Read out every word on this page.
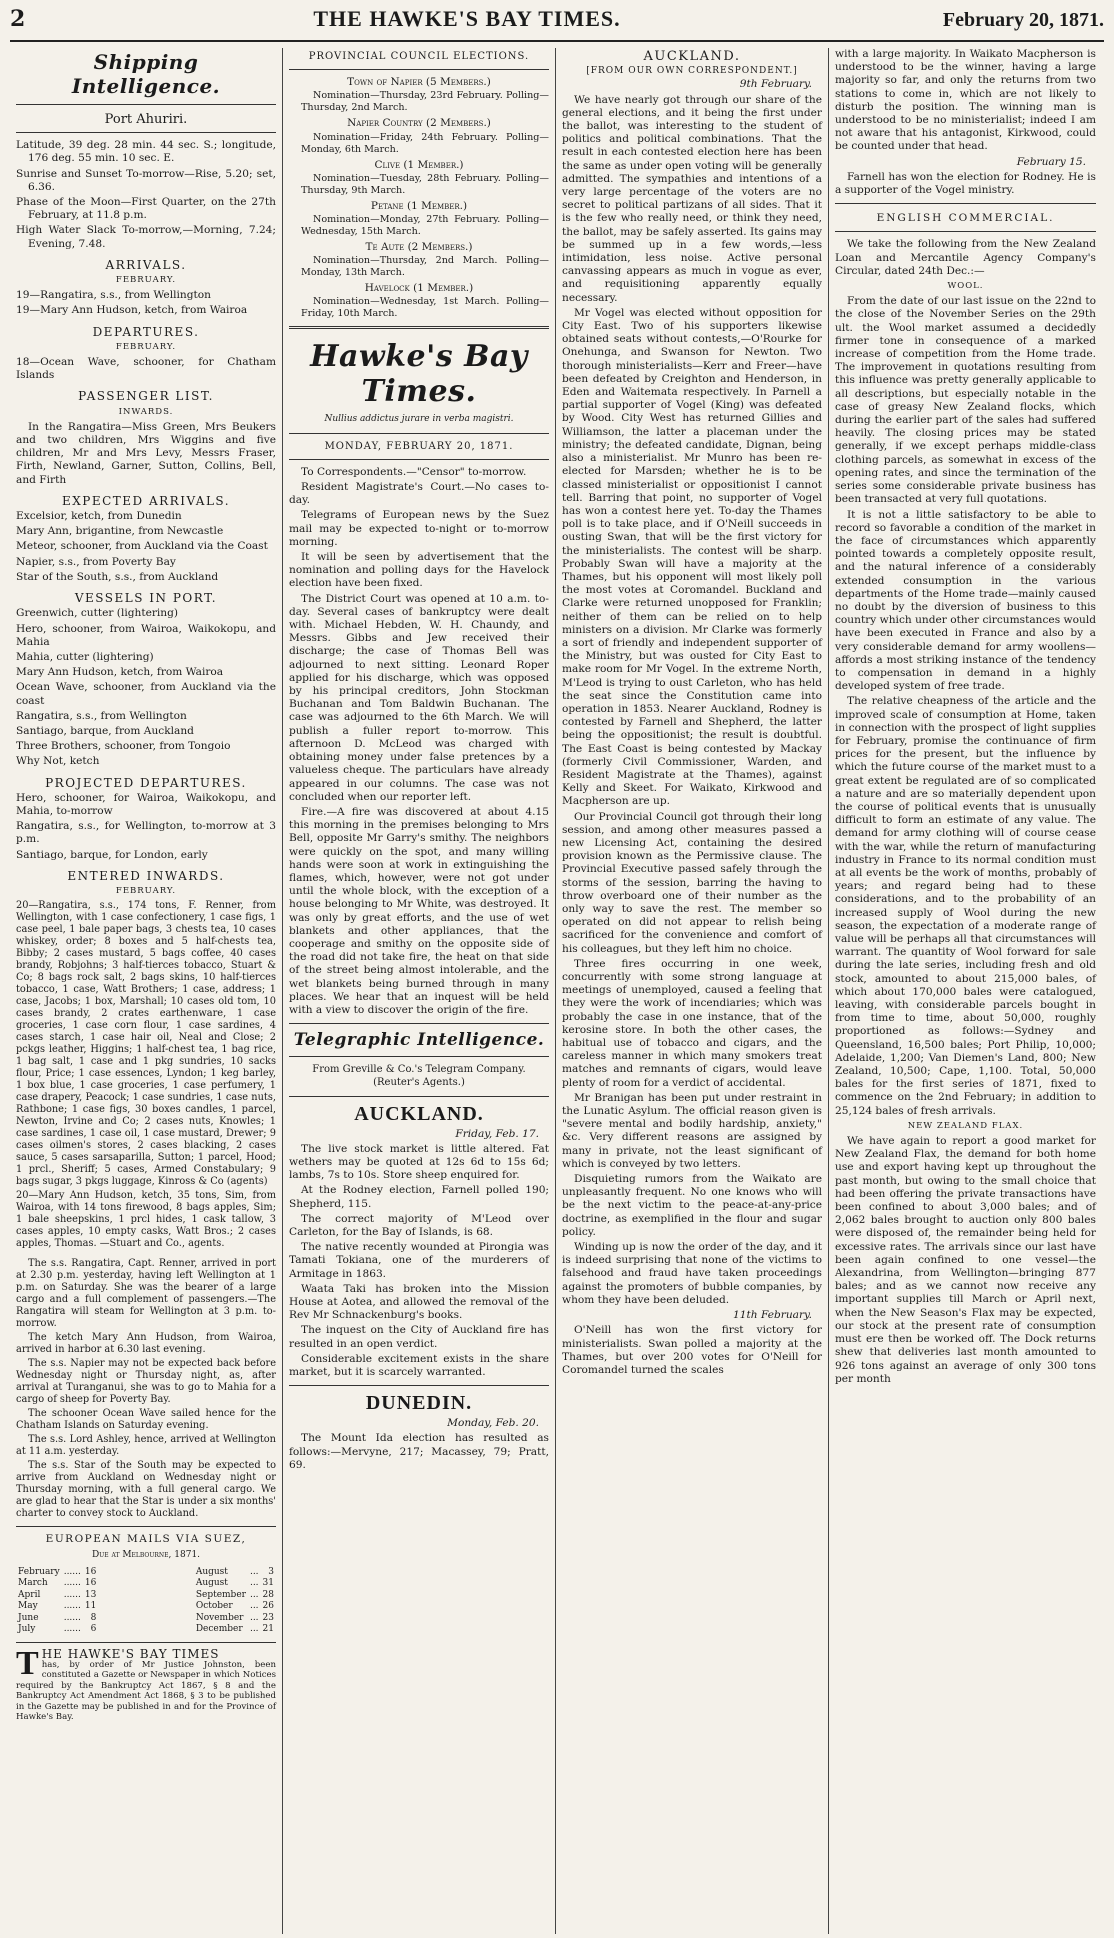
2	THE HAWKE'S BAY TIMES.	February 20, 1871.
Shipping Intelligence.
Port Ahuriri.

Latitude, 39 deg. 28 min. 44 sec. S.; longitude, 176 deg. 55 min. 10 sec. E.

Sunrise and Sunset To-morrow—Rise, 5.20; set, 6.36.

Phase of the Moon—First Quarter, on the 27th February, at 11.8 p.m.

High Water Slack To-morrow,—Morning, 7.24; Evening, 7.48.

ARRIVALS.
FEBRUARY.

19—Rangatira, s.s., from Wellington

19—Mary Ann Hudson, ketch, from Wairoa

DEPARTURES.
FEBRUARY.

18—Ocean Wave, schooner, for Chatham Islands

PASSENGER LIST.
INWARDS.

In the Rangatira—Miss Green, Mrs Beukers and two children, Mrs Wiggins and five children, Mr and Mrs Levy, Messrs Fraser, Firth, Newland, Garner, Sutton, Collins, Bell, and Firth

EXPECTED ARRIVALS.

Excelsior, ketch, from Dunedin

Mary Ann, brigantine, from Newcastle

Meteor, schooner, from Auckland via the Coast

Napier, s.s., from Poverty Bay

Star of the South, s.s., from Auckland

VESSELS IN PORT.

Greenwich, cutter (lightering)

Hero, schooner, from Wairoa, Waikokopu, and Mahia

Mahia, cutter (lightering)

Mary Ann Hudson, ketch, from Wairoa

Ocean Wave, schooner, from Auckland via the coast

Rangatira, s.s., from Wellington

Santiago, barque, from Auckland

Three Brothers, schooner, from Tongoio

Why Not, ketch

PROJECTED DEPARTURES.

Hero, schooner, for Wairoa, Waikokopu, and Mahia, to-morrow

Rangatira, s.s., for Wellington, to-morrow at 3 p.m.

Santiago, barque, for London, early

ENTERED INWARDS.
FEBRUARY.

20—Rangatira, s.s., 174 tons, F. Renner, from Wellington, with 1 case confectionery, 1 case figs, 1 case peel, 1 bale paper bags, 3 chests tea, 10 cases whiskey, order; 8 boxes and 5 half-chests tea, Bibby; 2 cases mustard, 5 bags coffee, 40 cases brandy, Robjohns; 3 half-tierces tobacco, Stuart & Co; 8 bags rock salt, 2 bags skins, 10 half-tierces tobacco, 1 case, Watt Brothers; 1 case, address; 1 case, Jacobs; 1 box, Marshall; 10 cases old tom, 10 cases brandy, 2 crates earthenware, 1 case groceries, 1 case corn flour, 1 case sardines, 4 cases starch, 1 case hair oil, Neal and Close; 2 pckgs leather, Higgins; 1 half-chest tea, 1 bag rice, 1 bag salt, 1 case and 1 pkg sundries, 10 sacks flour, Price; 1 case essences, Lyndon; 1 keg barley, 1 box blue, 1 case groceries, 1 case perfumery, 1 case drapery, Peacock; 1 case sundries, 1 case nuts, Rathbone; 1 case figs, 30 boxes candles, 1 parcel, Newton, Irvine and Co; 2 cases nuts, Knowles; 1 case sardines, 1 case oil, 1 case mustard, Drewer; 9 cases oilmen's stores, 2 cases blacking, 2 cases sauce, 5 cases sarsaparilla, Sutton; 1 parcel, Hood; 1 prcl., Sheriff; 5 cases, Armed Constabulary; 9 bags sugar, 3 pkgs luggage, Kinross & Co (agents)

20—Mary Ann Hudson, ketch, 35 tons, Sim, from Wairoa, with 14 tons firewood, 8 bags apples, Sim; 1 bale sheepskins, 1 prcl hides, 1 cask tallow, 3 cases apples, 10 empty casks, Watt Bros.; 2 cases apples, Thomas. —Stuart and Co., agents.

The s.s. Rangatira, Capt. Renner, arrived in port at 2.30 p.m. yesterday, having left Wellington at 1 p.m. on Saturday. She was the bearer of a large cargo and a full complement of passengers.—The Rangatira will steam for Wellington at 3 p.m. to-morrow.

The ketch Mary Ann Hudson, from Wairoa, arrived in harbor at 6.30 last evening.

The s.s. Napier may not be expected back before Wednesday night or Thursday night, as, after arrival at Turanganui, she was to go to Mahia for a cargo of sheep for Poverty Bay.

The schooner Ocean Wave sailed hence for the Chatham Islands on Saturday evening.

The s.s. Lord Ashley, hence, arrived at Wellington at 11 a.m. yesterday.

The s.s. Star of the South may be expected to arrive from Auckland on Wednesday night or Thursday morning, with a full general cargo. We are glad to hear that the Star is under a six months' charter to convey stock to Auckland.

EUROPEAN MAILS VIA SUEZ,
Due at Melbourne, 1871.
February	......	16
March	......	16
April	......	13
May	......	11
June	......	8
July	......	6
August	...	3
August	...	31
September	...	28
October	...	26
November	...	23
December	...	21
T HE HAWKE'S BAY TIMES
has, by order of Mr Justice Johnston, been constituted a Gazette or Newspaper in which Notices required by the Bankruptcy Act 1867, § 8 and the Bankruptcy Act Amendment Act 1868, § 3 to be published in the Gazette may be published in and for the Province of Hawke's Bay.
PROVINCIAL COUNCIL ELECTIONS.
Town of Napier (5 Members.)

Nomination—Thursday, 23rd February. Polling—Thursday, 2nd March.

Napier Country (2 Members.)

Nomination—Friday, 24th February. Polling—Monday, 6th March.

Clive (1 Member.)

Nomination—Tuesday, 28th February. Polling—Thursday, 9th March.

Petane (1 Member.)

Nomination—Monday, 27th February. Polling—Wednesday, 15th March.

Te Aute (2 Members.)

Nomination—Thursday, 2nd March. Polling—Monday, 13th March.

Havelock (1 Member.)

Nomination—Wednesday, 1st March. Polling—Friday, 10th March.

Hawke's Bay Times.
Nullius addictus jurare in verba magistri.
MONDAY, FEBRUARY 20, 1871.

To Correspondents.—"Censor" to-morrow.

Resident Magistrate's Court.—No cases to-day.

Telegrams of European news by the Suez mail may be expected to-night or to-morrow morning.

It will be seen by advertisement that the nomination and polling days for the Havelock election have been fixed.

The District Court was opened at 10 a.m. to-day. Several cases of bankruptcy were dealt with. Michael Hebden, W. H. Chaundy, and Messrs. Gibbs and Jew received their discharge; the case of Thomas Bell was adjourned to next sitting. Leonard Roper applied for his discharge, which was opposed by his principal creditors, John Stockman Buchanan and Tom Baldwin Buchanan. The case was adjourned to the 6th March. We will publish a fuller report to-morrow. This afternoon D. McLeod was charged with obtaining money under false pretences by a valueless cheque. The particulars have already appeared in our columns. The case was not concluded when our reporter left.

Fire.—A fire was discovered at about 4.15 this morning in the premises belonging to Mrs Bell, opposite Mr Garry's smithy. The neighbors were quickly on the spot, and many willing hands were soon at work in extinguishing the flames, which, however, were not got under until the whole block, with the exception of a house belonging to Mr White, was destroyed. It was only by great efforts, and the use of wet blankets and other appliances, that the cooperage and smithy on the opposite side of the road did not take fire, the heat on that side of the street being almost intolerable, and the wet blankets being burned through in many places. We hear that an inquest will be held with a view to discover the origin of the fire.

Telegraphic Intelligence.
From Greville & Co.'s Telegram Company. (Reuter's Agents.)
AUCKLAND.
Friday, Feb. 17.

The live stock market is little altered. Fat wethers may be quoted at 12s 6d to 15s 6d; lambs, 7s to 10s. Store sheep enquired for.

At the Rodney election, Farnell polled 190; Shepherd, 115.

The correct majority of M'Leod over Carleton, for the Bay of Islands, is 68.

The native recently wounded at Pirongia was Tamati Tokiana, one of the murderers of Armitage in 1863.

Waata Taki has broken into the Mission House at Aotea, and allowed the removal of the Rev Mr Schnackenburg's books.

The inquest on the City of Auckland fire has resulted in an open verdict.

Considerable excitement exists in the share market, but it is scarcely warranted.

DUNEDIN.
Monday, Feb. 20.

The Mount Ida election has resulted as follows:—Mervyne, 217; Macassey, 79; Pratt, 69.

AUCKLAND.
[FROM OUR OWN CORRESPONDENT.]
9th February.

We have nearly got through our share of the general elections, and it being the first under the ballot, was interesting to the student of politics and political combinations. That the result in each contested election here has been the same as under open voting will be generally admitted. The sympathies and intentions of a very large percentage of the voters are no secret to political partizans of all sides. That it is the few who really need, or think they need, the ballot, may be safely asserted. Its gains may be summed up in a few words,—less intimidation, less noise. Active personal canvassing appears as much in vogue as ever, and requisitioning apparently equally necessary.

Mr Vogel was elected without opposition for City East. Two of his supporters likewise obtained seats without contests,—O'Rourke for Onehunga, and Swanson for Newton. Two thorough ministerialists—Kerr and Freer—have been defeated by Creighton and Henderson, in Eden and Waitemata respectively. In Parnell a partial supporter of Vogel (King) was defeated by Wood. City West has returned Gillies and Williamson, the latter a placeman under the ministry; the defeated candidate, Dignan, being also a ministerialist. Mr Munro has been re-elected for Marsden; whether he is to be classed ministerialist or oppositionist I cannot tell. Barring that point, no supporter of Vogel has won a contest here yet. To-day the Thames poll is to take place, and if O'Neill succeeds in ousting Swan, that will be the first victory for the ministerialists. The contest will be sharp. Probably Swan will have a majority at the Thames, but his opponent will most likely poll the most votes at Coromandel. Buckland and Clarke were returned unopposed for Franklin; neither of them can be relied on to help ministers on a division. Mr Clarke was formerly a sort of friendly and independent supporter of the Ministry, but was ousted for City East to make room for Mr Vogel. In the extreme North, M'Leod is trying to oust Carleton, who has held the seat since the Constitution came into operation in 1853. Nearer Auckland, Rodney is contested by Farnell and Shepherd, the latter being the oppositionist; the result is doubtful. The East Coast is being contested by Mackay (formerly Civil Commissioner, Warden, and Resident Magistrate at the Thames), against Kelly and Skeet. For Waikato, Kirkwood and Macpherson are up.

Our Provincial Council got through their long session, and among other measures passed a new Licensing Act, containing the desired provision known as the Permissive clause. The Provincial Executive passed safely through the storms of the session, barring the having to throw overboard one of their number as the only way to save the rest. The member so operated on did not appear to relish being sacrificed for the convenience and comfort of his colleagues, but they left him no choice.

Three fires occurring in one week, concurrently with some strong language at meetings of unemployed, caused a feeling that they were the work of incendiaries; which was probably the case in one instance, that of the kerosine store. In both the other cases, the habitual use of tobacco and cigars, and the careless manner in which many smokers treat matches and remnants of cigars, would leave plenty of room for a verdict of accidental.

Mr Branigan has been put under restraint in the Lunatic Asylum. The official reason given is "severe mental and bodily hardship, anxiety," &c. Very different reasons are assigned by many in private, not the least significant of which is conveyed by two letters.

Disquieting rumors from the Waikato are unpleasantly frequent. No one knows who will be the next victim to the peace-at-any-price doctrine, as exemplified in the flour and sugar policy.

Winding up is now the order of the day, and it is indeed surprising that none of the victims to falsehood and fraud have taken proceedings against the promoters of bubble companies, by whom they have been deluded.

11th February.

O'Neill has won the first victory for ministerialists. Swan polled a majority at the Thames, but over 200 votes for O'Neill for Coromandel turned the scales

with a large majority. In Waikato Macpherson is understood to be the winner, having a large majority so far, and only the returns from two stations to come in, which are not likely to disturb the position. The winning man is understood to be no ministerialist; indeed I am not aware that his antagonist, Kirkwood, could be counted under that head.

February 15.

Farnell has won the election for Rodney. He is a supporter of the Vogel ministry.

ENGLISH COMMERCIAL.

We take the following from the New Zealand Loan and Mercantile Agency Company's Circular, dated 24th Dec.:—

WOOL.

From the date of our last issue on the 22nd to the close of the November Series on the 29th ult. the Wool market assumed a decidedly firmer tone in consequence of a marked increase of competition from the Home trade. The improvement in quotations resulting from this influence was pretty generally applicable to all descriptions, but especially notable in the case of greasy New Zealand flocks, which during the earlier part of the sales had suffered heavily. The closing prices may be stated generally, if we except perhaps middle-class clothing parcels, as somewhat in excess of the opening rates, and since the termination of the series some considerable private business has been transacted at very full quotations.

It is not a little satisfactory to be able to record so favorable a condition of the market in the face of circumstances which apparently pointed towards a completely opposite result, and the natural inference of a considerably extended consumption in the various departments of the Home trade—mainly caused no doubt by the diversion of business to this country which under other circumstances would have been executed in France and also by a very considerable demand for army woollens—affords a most striking instance of the tendency to compensation in demand in a highly developed system of free trade.

The relative cheapness of the article and the improved scale of consumption at Home, taken in connection with the prospect of light supplies for February, promise the continuance of firm prices for the present, but the influence by which the future course of the market must to a great extent be regulated are of so complicated a nature and are so materially dependent upon the course of political events that is unusually difficult to form an estimate of any value. The demand for army clothing will of course cease with the war, while the return of manufacturing industry in France to its normal condition must at all events be the work of months, probably of years; and regard being had to these considerations, and to the probability of an increased supply of Wool during the new season, the expectation of a moderate range of value will be perhaps all that circumstances will warrant. The quantity of Wool forward for sale during the late series, including fresh and old stock, amounted to about 215,000 bales, of which about 170,000 bales were catalogued, leaving, with considerable parcels bought in from time to time, about 50,000, roughly proportioned as follows:—Sydney and Queensland, 16,500 bales; Port Philip, 10,000; Adelaide, 1,200; Van Diemen's Land, 800; New Zealand, 10,500; Cape, 1,100. Total, 50,000 bales for the first series of 1871, fixed to commence on the 2nd February; in addition to 25,124 bales of fresh arrivals.

NEW ZEALAND FLAX.

We have again to report a good market for New Zealand Flax, the demand for both home use and export having kept up throughout the past month, but owing to the small choice that had been offering the private transactions have been confined to about 3,000 bales; and of 2,062 bales brought to auction only 800 bales were disposed of, the remainder being held for excessive rates. The arrivals since our last have been again confined to one vessel—the Alexandrina, from Wellington—bringing 877 bales; and as we cannot now receive any important supplies till March or April next, when the New Season's Flax may be expected, our stock at the present rate of consumption must ere then be worked off. The Dock returns shew that deliveries last month amounted to 926 tons against an average of only 300 tons per month
